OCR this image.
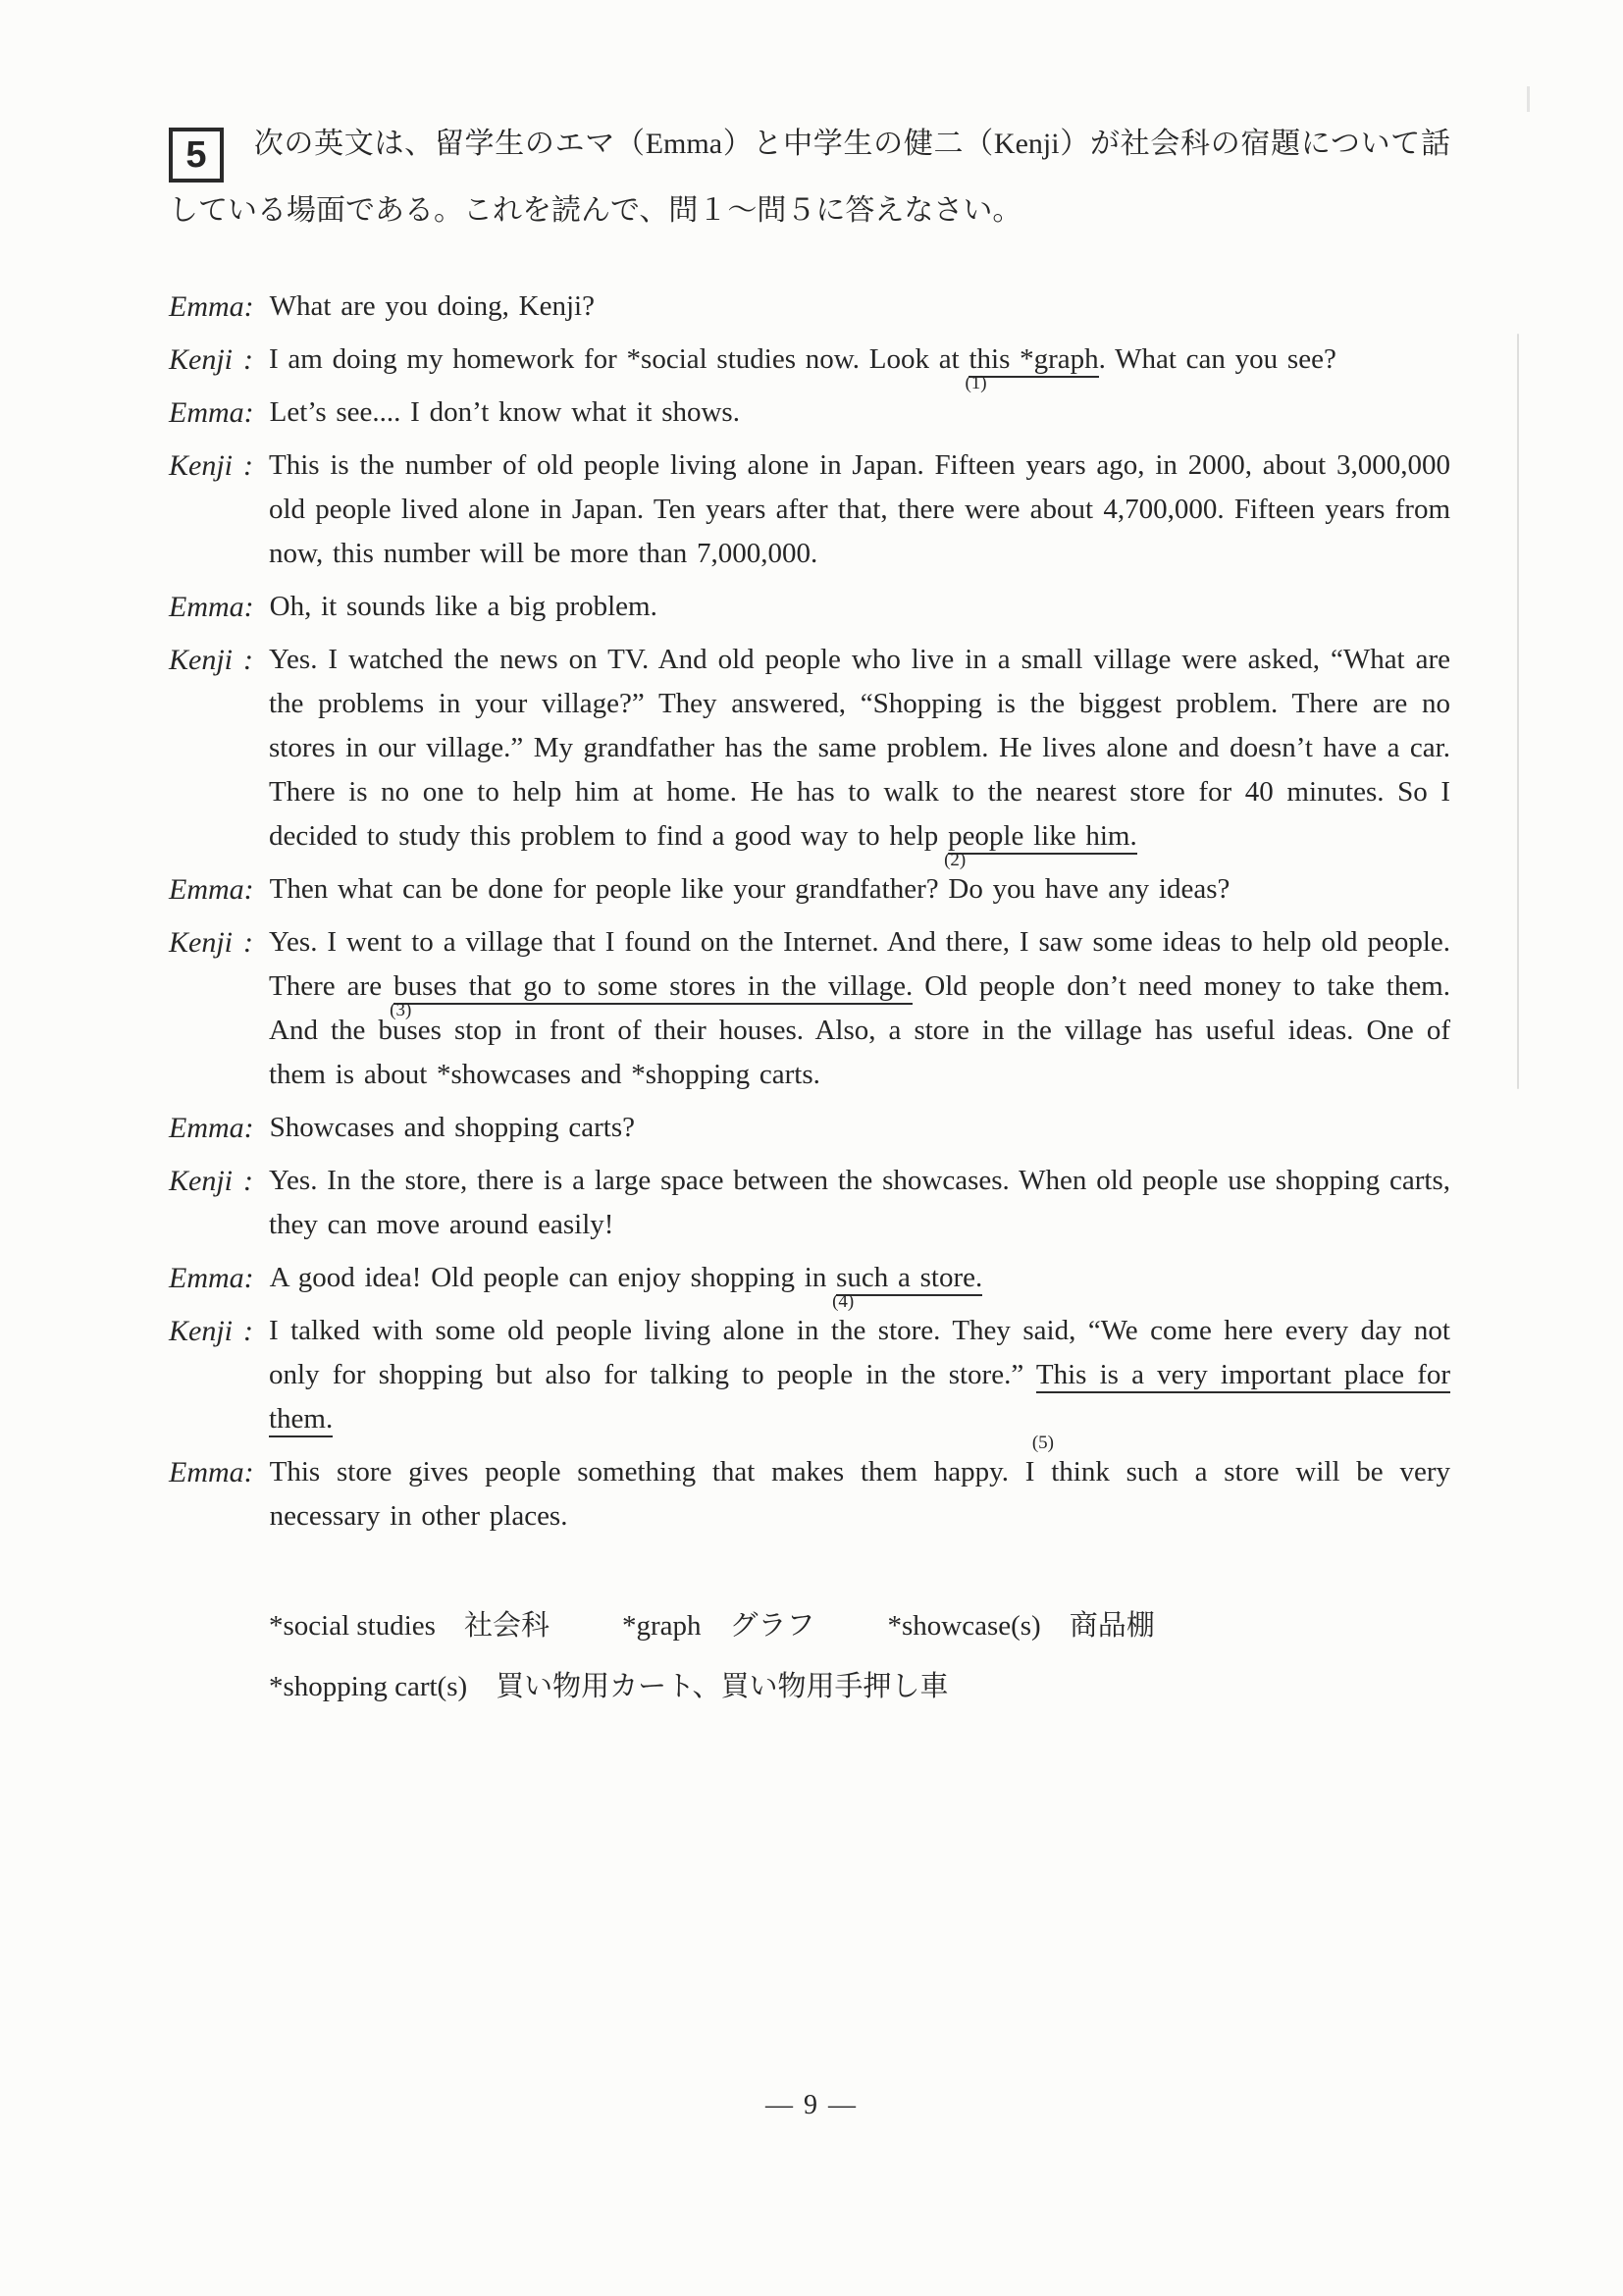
5 次の英文は、留学生のエマ（Emma）と中学生の健二（Kenji）が社会科の宿題について話している場面である。これを読んで、問１～問５に答えなさい。

Emma : What are you doing, Kenji?
Kenji : I am doing my homework for *social studies now. Look at this *graph
(1)
. What can you see?
Emma : Let’s see.... I don’t know what it shows.
Kenji : This is the number of old people living alone in Japan. Fifteen years ago, in 2000, about 3,000,000 old people lived alone in Japan. Ten years after that, there were about 4,700,000. Fifteen years from now, this number will be more than 7,000,000.
Emma : Oh, it sounds like a big problem.
Kenji : Yes. I watched the news on TV. And old people who live in a small village were asked, “What are the problems in your village?” They answered, “Shopping is the biggest problem. There are no stores in our village.” My grandfather has the same problem. He lives alone and doesn’t have a car. There is no one to help him at home. He has to walk to the nearest store for 40 minutes. So I decided to study this problem to find a good way to help people like him.
(2)
Emma : Then what can be done for people like your grandfather? Do you have any ideas?
Kenji : Yes. I went to a village that I found on the Internet. And there, I saw some ideas to help old people. There are buses that go to some stores in the village.
(3)
Old people don’t need money to take them. And the buses stop in front of their houses. Also, a store in the village has useful ideas. One of them is about *showcases and *shopping carts.
Emma : Showcases and shopping carts?
Kenji : Yes. In the store, there is a large space between the showcases. When old people use shopping carts, they can move around easily!
Emma : A good idea! Old people can enjoy shopping in such a store.
(4)
Kenji : I talked with some old people living alone in the store. They said, “We come here every day not only for shopping but also for talking to people in the store.” This is a very important place for them.
(5)
Emma : This store gives people something that makes them happy. I think such a store will be very necessary in other places.
*social studies　社会科	*graph　グラフ	*showcase(s)　商品棚
*shopping cart(s)　買い物用カート、買い物用手押し車
— 9 —
